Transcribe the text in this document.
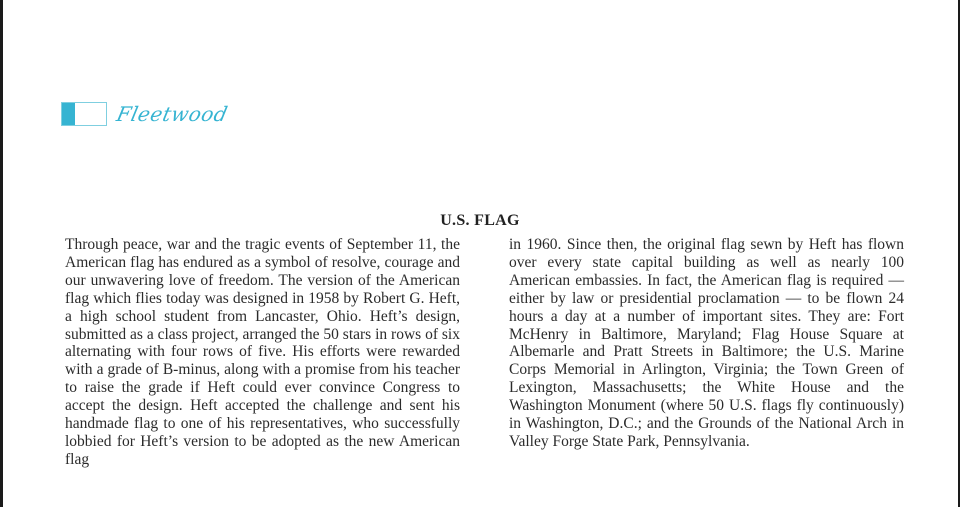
Fleetwood
U.S. FLAG

Through peace, war and the tragic events of September 11, the American flag has endured as a symbol of resolve, courage and our unwavering love of freedom. The version of the American flag which flies today was designed in 1958 by Robert G. Heft, a high school student from Lancaster, Ohio. Heft’s design, submitted as a class project, arranged the 50 stars in rows of six alternating with four rows of five. His efforts were rewarded with a grade of B-minus, along with a promise from his teacher to raise the grade if Heft could ever convince Congress to accept the design. Heft accepted the challenge and sent his handmade flag to one of his representatives, who successfully lobbied for Heft’s version to be adopted as the new American flag

in 1960. Since then, the original flag sewn by Heft has flown over every state capital building as well as nearly 100 American embassies. In fact, the American flag is required — either by law or presidential proclamation — to be flown 24 hours a day at a number of important sites. They are: Fort McHenry in Baltimore, Maryland; Flag House Square at Albemarle and Pratt Streets in Baltimore; the U.S. Marine Corps Memorial in Arlington, Virginia; the Town Green of Lexington, Massachusetts; the White House and the Washington Monument (where 50 U.S. flags fly continuously) in Washington, D.C.; and the Grounds of the National Arch in Valley Forge State Park, Pennsylvania.
